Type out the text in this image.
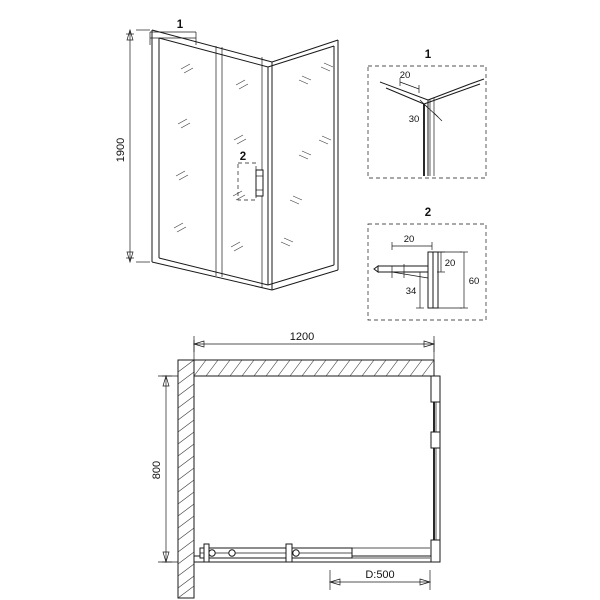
1900
1
2
1
20
30
2
20
20
34
60
1200
800
D:500
